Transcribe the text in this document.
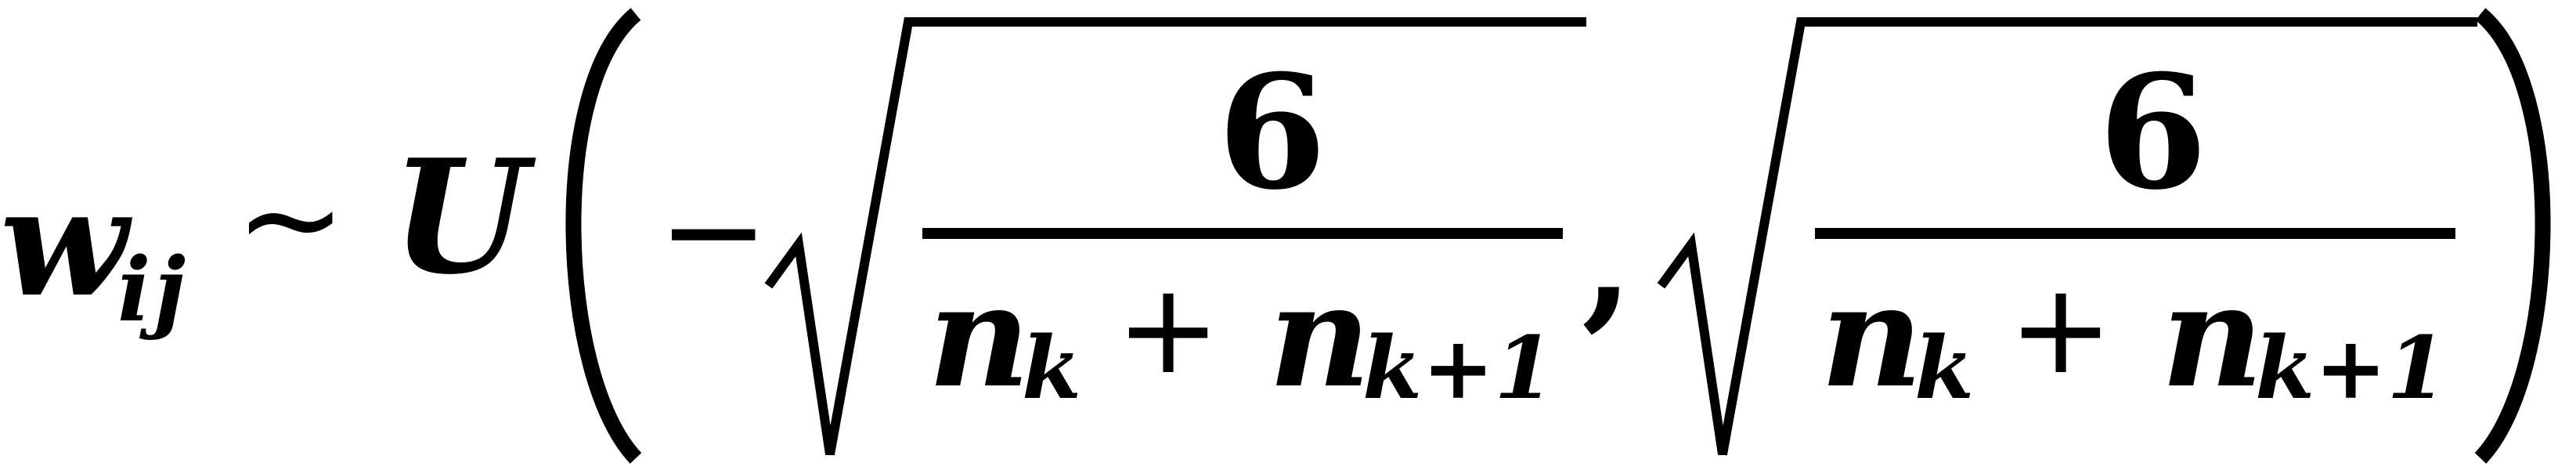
w
ij ∼ U −
6
n
k + n
k+1
,
6
n
k + n
k+1
